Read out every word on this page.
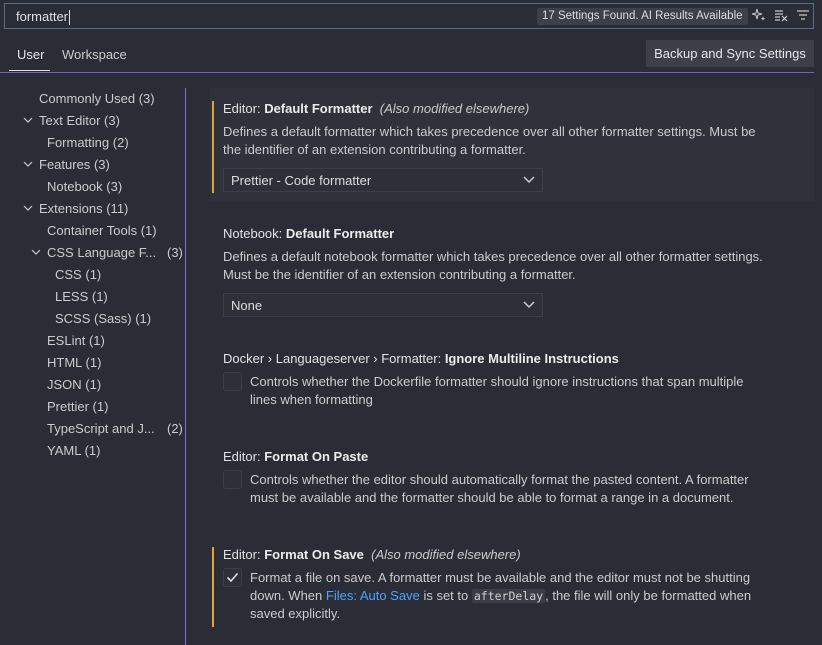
formatter	17 Settings Found. AI Results Available
User Workspace	Backup and Sync Settings
Commonly Used (3)
Text Editor (3)
Formatting (2)
Features (3)
Notebook (3)
Extensions (11)
Container Tools (1)
CSS Language F... (3)
CSS (1)
LESS (1)
SCSS (Sass) (1)
ESLint (1)
HTML (1)
JSON (1)
Prettier (1)
TypeScript and J... (2)
YAML (1)
Editor: Default Formatter (Also modified elsewhere)
Defines a default formatter which takes precedence over all other formatter settings. Must be
the identifier of an extension contributing a formatter.
Prettier - Code formatter
Notebook: Default Formatter
Defines a default notebook formatter which takes precedence over all other formatter settings.
Must be the identifier of an extension contributing a formatter.
None
Docker › Languageserver › Formatter: Ignore Multiline Instructions
Controls whether the Dockerfile formatter should ignore instructions that span multiple
lines when formatting
Editor: Format On Paste
Controls whether the editor should automatically format the pasted content. A formatter
must be available and the formatter should be able to format a range in a document.
Editor: Format On Save (Also modified elsewhere)
Format a file on save. A formatter must be available and the editor must not be shutting
down. When Files: Auto Save is set to afterDelay , the file will only be formatted when
saved explicitly.
